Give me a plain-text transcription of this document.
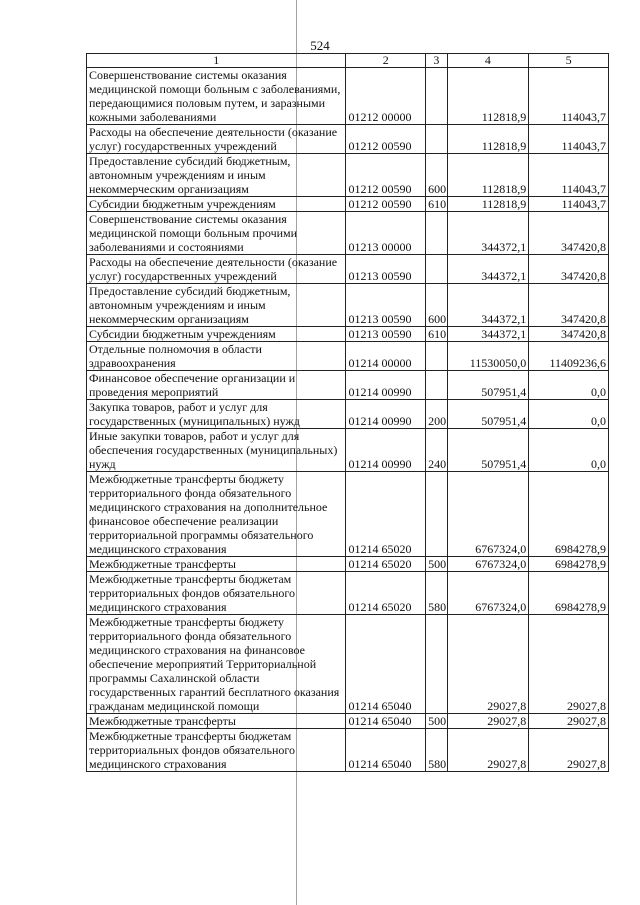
524
1	2	3	4	5
Совершенствование системы оказания медицинской помощи больным с заболеваниями, передающимися половым путем, и заразными кожными заболеваниями	01212 00000		112818,9	114043,7
Расходы на обеспечение деятельности (оказание услуг) государственных учреждений	01212 00590		112818,9	114043,7
Предоставление субсидий бюджетным, автономным учреждениям и иным некоммерческим организациям	01212 00590	600	112818,9	114043,7
Субсидии бюджетным учреждениям	01212 00590	610	112818,9	114043,7
Совершенствование системы оказания медицинской помощи больным прочими заболеваниями и состояниями	01213 00000		344372,1	347420,8
Расходы на обеспечение деятельности (оказание услуг) государственных учреждений	01213 00590		344372,1	347420,8
Предоставление субсидий бюджетным, автономным учреждениям и иным некоммерческим организациям	01213 00590	600	344372,1	347420,8
Субсидии бюджетным учреждениям	01213 00590	610	344372,1	347420,8
Отдельные полномочия в области здравоохранения	01214 00000		11530050,0	11409236,6
Финансовое обеспечение организации и проведения мероприятий	01214 00990		507951,4	0,0
Закупка товаров, работ и услуг для государственных (муниципальных) нужд	01214 00990	200	507951,4	0,0
Иные закупки товаров, работ и услуг для обеспечения государственных (муниципальных) нужд	01214 00990	240	507951,4	0,0
Межбюджетные трансферты бюджету территориального фонда обязательного медицинского страхования на дополнительное финансовое обеспечение реализации территориальной программы обязательного медицинского страхования	01214 65020		6767324,0	6984278,9
Межбюджетные трансферты	01214 65020	500	6767324,0	6984278,9
Межбюджетные трансферты бюджетам территориальных фондов обязательного медицинского страхования	01214 65020	580	6767324,0	6984278,9
Межбюджетные трансферты бюджету территориального фонда обязательного медицинского страхования на финансовое обеспечение мероприятий Территориальной программы Сахалинской области государственных гарантий бесплатного оказания гражданам медицинской помощи	01214 65040		29027,8	29027,8
Межбюджетные трансферты	01214 65040	500	29027,8	29027,8
Межбюджетные трансферты бюджетам территориальных фондов обязательного медицинского страхования	01214 65040	580	29027,8	29027,8
